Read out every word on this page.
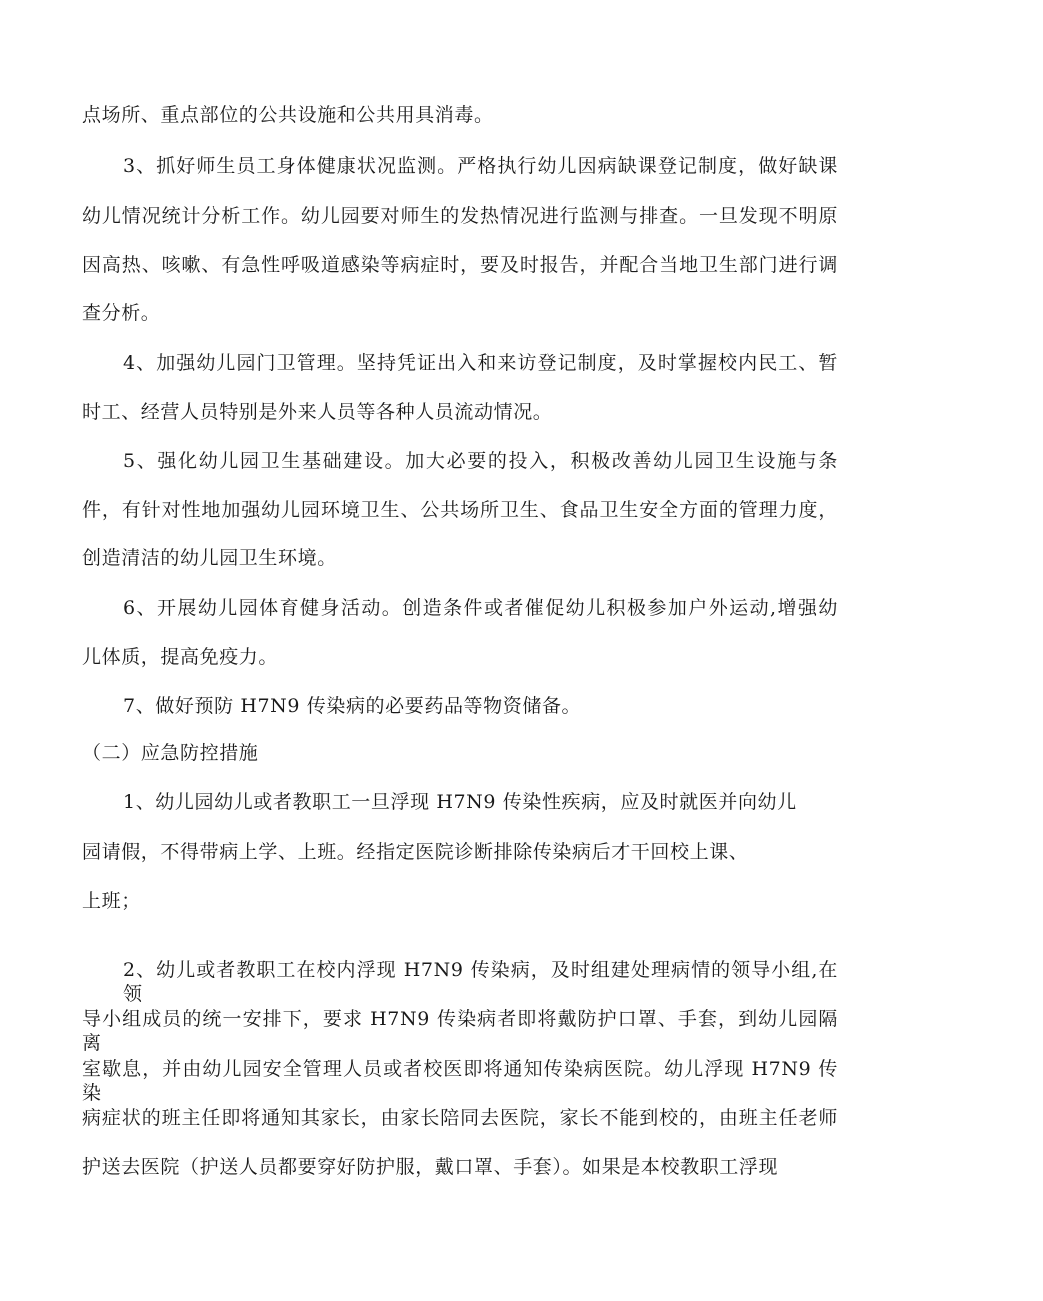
点场所、重点部位的公共设施和公共用具消毒。
3、抓好师生员工身体健康状况监测。严格执行幼儿因病缺课登记制度，做好缺课
幼儿情况统计分析工作。幼儿园要对师生的发热情况进行监测与排查。一旦发现不明原
因高热、咳嗽、有急性呼吸道感染等病症时，要及时报告，并配合当地卫生部门进行调
查分析。
4、加强幼儿园门卫管理。坚持凭证出入和来访登记制度，及时掌握校内民工、暂
时工、经营人员特别是外来人员等各种人员流动情况。
5、强化幼儿园卫生基础建设。加大必要的投入，积极改善幼儿园卫生设施与条
件，有针对性地加强幼儿园环境卫生、公共场所卫生、食品卫生安全方面的管理力度，
创造清洁的幼儿园卫生环境。
6、开展幼儿园体育健身活动。创造条件或者催促幼儿积极参加户外运动,增强幼
儿体质，提高免疫力。
7、做好预防 H7N9 传染病的必要药品等物资储备。
（二）应急防控措施
1、幼儿园幼儿或者教职工一旦浮现 H7N9 传染性疾病，应及时就医并向幼儿
园请假，不得带病上学、上班。经指定医院诊断排除传染病后才干回校上课、
上班；
2、幼儿或者教职工在校内浮现 H7N9 传染病，及时组建处理病情的领导小组,在领
导小组成员的统一安排下，要求 H7N9 传染病者即将戴防护口罩、手套，到幼儿园隔离
室歇息，并由幼儿园安全管理人员或者校医即将通知传染病医院。幼儿浮现 H7N9 传染
病症状的班主任即将通知其家长，由家长陪同去医院，家长不能到校的，由班主任老师
护送去医院（护送人员都要穿好防护服，戴口罩、手套）。如果是本校教职工浮现
